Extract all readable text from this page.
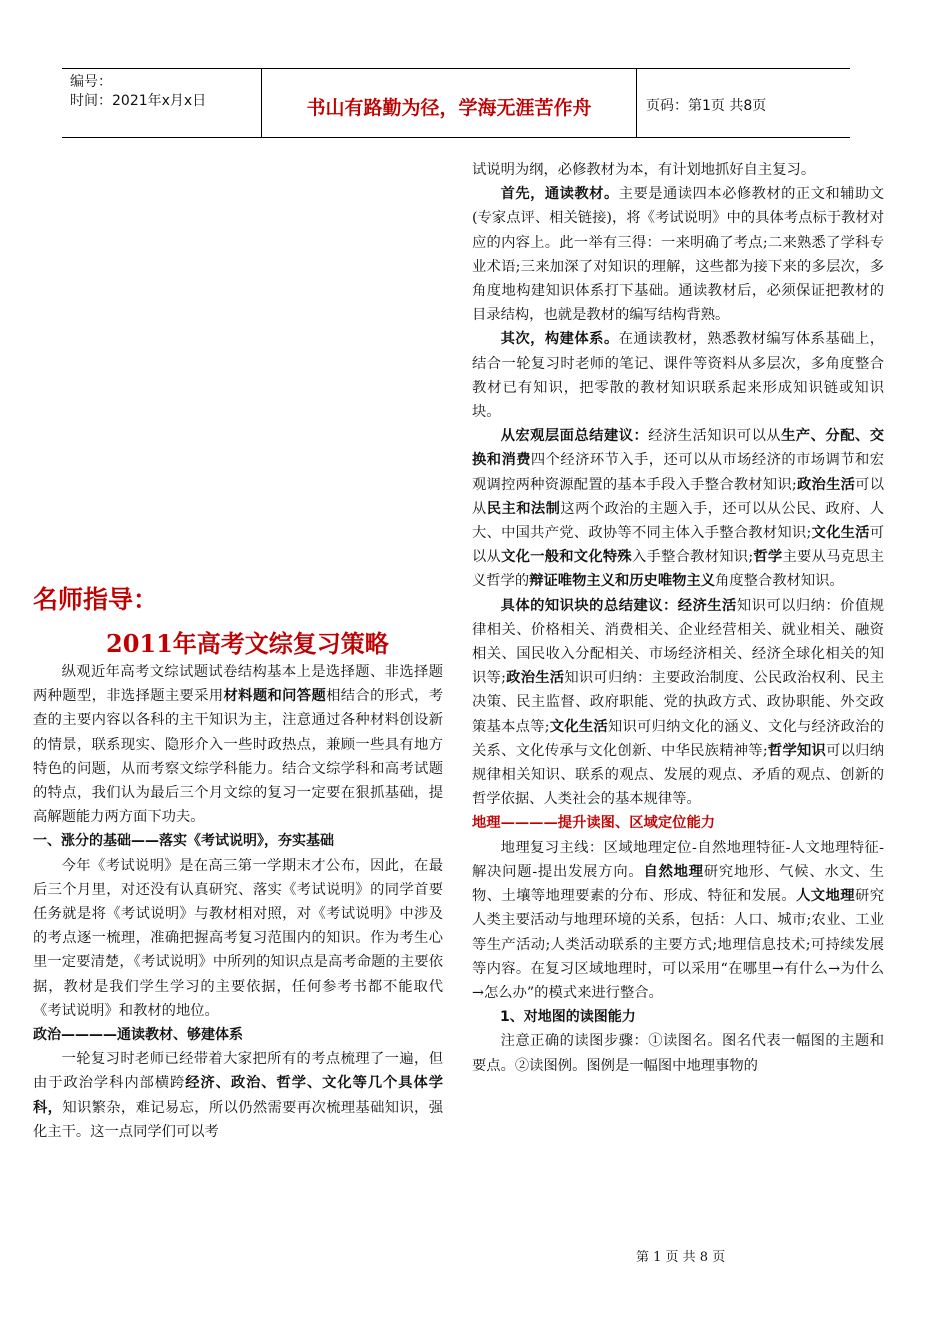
编号：
时间：2021年x月x日	书山有路勤为径，学海无涯苦作舟	页码：第1页 共8页
名师指导：
2011年高考文综复习策略

纵观近年高考文综试题试卷结构基本上是选择题、非选择题两种题型，非选择题主要采用材料题和问答题相结合的形式，考查的主要内容以各科的主干知识为主，注意通过各种材料创设新的情景，联系现实、隐形介入一些时政热点，兼顾一些具有地方特色的问题，从而考察文综学科能力。结合文综学科和高考试题的特点，我们认为最后三个月文综的复习一定要在狠抓基础，提高解题能力两方面下功夫。

一、涨分的基础——落实《考试说明》，夯实基础

今年《考试说明》是在高三第一学期末才公布，因此，在最后三个月里，对还没有认真研究、落实《考试说明》的同学首要任务就是将《考试说明》与教材相对照，对《考试说明》中涉及的考点逐一梳理，准确把握高考复习范围内的知识。作为考生心里一定要清楚，《考试说明》中所列的知识点是高考命题的主要依据，教材是我们学生学习的主要依据，任何参考书都不能取代《考试说明》和教材的地位。

政治————通读教材、够建体系

一轮复习时老师已经带着大家把所有的考点梳理了一遍，但由于政治学科内部横跨经济、政治、哲学、文化等几个具体学科，知识繁杂，难记易忘，所以仍然需要再次梳理基础知识，强化主干。这一点同学们可以考

试说明为纲，必修教材为本，有计划地抓好自主复习。

首先，通读教材。主要是通读四本必修教材的正文和辅助文(专家点评、相关链接)，将《考试说明》中的具体考点标于教材对应的内容上。此一举有三得：一来明确了考点;二来熟悉了学科专业术语;三来加深了对知识的理解，这些都为接下来的多层次，多角度地构建知识体系打下基础。通读教材后，必须保证把教材的目录结构，也就是教材的编写结构背熟。

其次，构建体系。在通读教材，熟悉教材编写体系基础上，结合一轮复习时老师的笔记、课件等资料从多层次，多角度整合教材已有知识，把零散的教材知识联系起来形成知识链或知识块。

从宏观层面总结建议：经济生活知识可以从生产、分配、交换和消费四个经济环节入手，还可以从市场经济的市场调节和宏观调控两种资源配置的基本手段入手整合教材知识;政治生活可以从民主和法制这两个政治的主题入手，还可以从公民、政府、人大、中国共产党、政协等不同主体入手整合教材知识;文化生活可以从文化一般和文化特殊入手整合教材知识;哲学主要从马克思主义哲学的辩证唯物主义和历史唯物主义角度整合教材知识。

具体的知识块的总结建议：经济生活知识可以归纳：价值规律相关、价格相关、消费相关、企业经营相关、就业相关、融资相关、国民收入分配相关、市场经济相关、经济全球化相关的知识等;政治生活知识可归纳：主要政治制度、公民政治权利、民主决策、民主监督、政府职能、党的执政方式、政协职能、外交政策基本点等;文化生活知识可归纳文化的涵义、文化与经济政治的关系、文化传承与文化创新、中华民族精神等;哲学知识可以归纳规律相关知识、联系的观点、发展的观点、矛盾的观点、创新的哲学依据、人类社会的基本规律等。

地理————提升读图、区域定位能力

地理复习主线：区域地理定位-自然地理特征-人文地理特征-解决问题-提出发展方向。自然地理研究地形、气候、水文、生物、土壤等地理要素的分布、形成、特征和发展。人文地理研究人类主要活动与地理环境的关系，包括：人口、城市;农业、工业等生产活动;人类活动联系的主要方式;地理信息技术;可持续发展等内容。在复习区域地理时，可以采用“在哪里→有什么→为什么→怎么办”的模式来进行整合。

1、对地图的读图能力

注意正确的读图步骤：①读图名。图名代表一幅图的主题和要点。②读图例。图例是一幅图中地理事物的

第 1 页 共 8 页
